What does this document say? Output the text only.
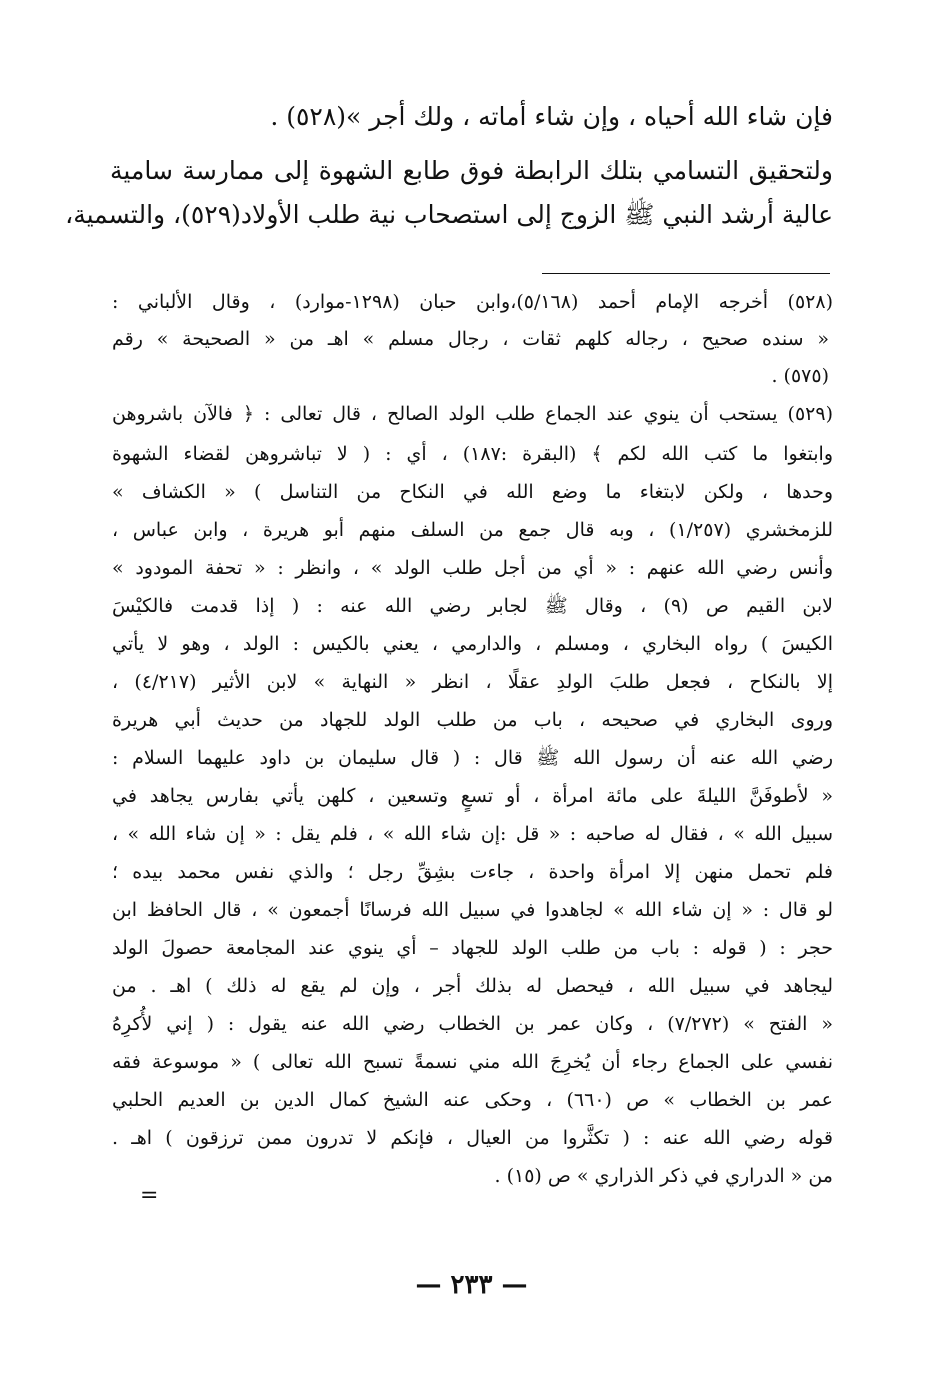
فإن شاء الله أحياه ، وإن شاء أماته ، ولك أجر »(٥٢٨) .
ولتحقيق التسامي بتلك الرابطة فوق طابع الشهوة إلى ممارسة سامية
عالية أرشد النبي ﷺ الزوج إلى استصحاب نية طلب الأولاد(٥٢٩)، والتسمية،
(٥٢٨) أخرجه الإمام أحمد (٥/١٦٨)،وابن حبان (١٢٩٨-موارد) ، وقال الألباني :
« سنده صحيح ، رجاله كلهم ثقات ، رجال مسلم » اهـ من « الصحيحة » رقم
(٥٧٥) .
(٥٢٩) يستحب أن ينوي عند الجماع طلب الولد الصالح ، قال تعالى : ﴿ فالآن باشروهن
وابتغوا ما كتب الله لكم ﴾ (البقرة :١٨٧) ، أي : ( لا تباشروهن لقضاء الشهوة
وحدها ، ولكن لابتغاء ما وضع الله في النكاح من التناسل ) « الكشاف »
للزمخشري (١/٢٥٧) ، وبه قال جمع من السلف منهم أبو هريرة ، وابن عباس ،
وأنس رضي الله عنهم : « أي من أجل طلب الولد » ، وانظر : « تحفة المودود »
لابن القيم ص (٩) ، وقال ﷺ لجابر رضي الله عنه : ( إذا قدمت فالكيْسَ
الكيسَ ) رواه البخاري ، ومسلم ، والدارمي ، يعني بالكيس : الولد ، وهو لا يأتي
إلا بالنكاح ، فجعل طلبَ الولدِ عقلًا ، انظر « النهاية » لابن الأثير (٤/٢١٧) ،
وروى البخاري في صحيحه ، باب من طلب الولد للجهاد من حديث أبي هريرة
رضي الله عنه أن رسول الله ﷺ قال : ( قال سليمان بن داود عليهما السلام :
« لأطوفَنَّ الليلةَ على مائة امرأة ، أو تسعٍ وتسعين ، كلهن يأتي بفارس يجاهد في
سبيل الله » ، فقال له صاحبه : « قل :إن شاء الله » ، فلم يقل : « إن شاء الله » ،
فلم تحمل منهن إلا امرأة واحدة ، جاءت بشِقِّ رجل ؛ والذي نفس محمد بيده ؛
لو قال : « إن شاء الله » لجاهدوا في سبيل الله فرسانًا أجمعون » ، قال الحافظ ابن
حجر : ( قوله : باب من طلب الولد للجهاد – أي ينوي عند المجامعة حصولَ الولد
ليجاهد في سبيل الله ، فيحصل له بذلك أجر ، وإن لم يقع له ذلك ) اهـ . من
« الفتح » (٧/٢٧٢) ، وكان عمر بن الخطاب رضي الله عنه يقول : ( إني لأُكرِهُ
نفسي على الجماع رجاء أن يُخرِجَ الله مني نسمةً تسبح الله تعالى ) « موسوعة فقه
عمر بن الخطاب » ص (٦٦٠) ، وحكى عنه الشيخ كمال الدين بن العديم الحلبي
قوله رضي الله عنه : ( تكثَّروا من العيال ، فإنكم لا تدرون ممن ترزقون ) اهـ .
من « الدراري في ذكر الذراري » ص (١٥) .
=
— ٢٣٣ —
